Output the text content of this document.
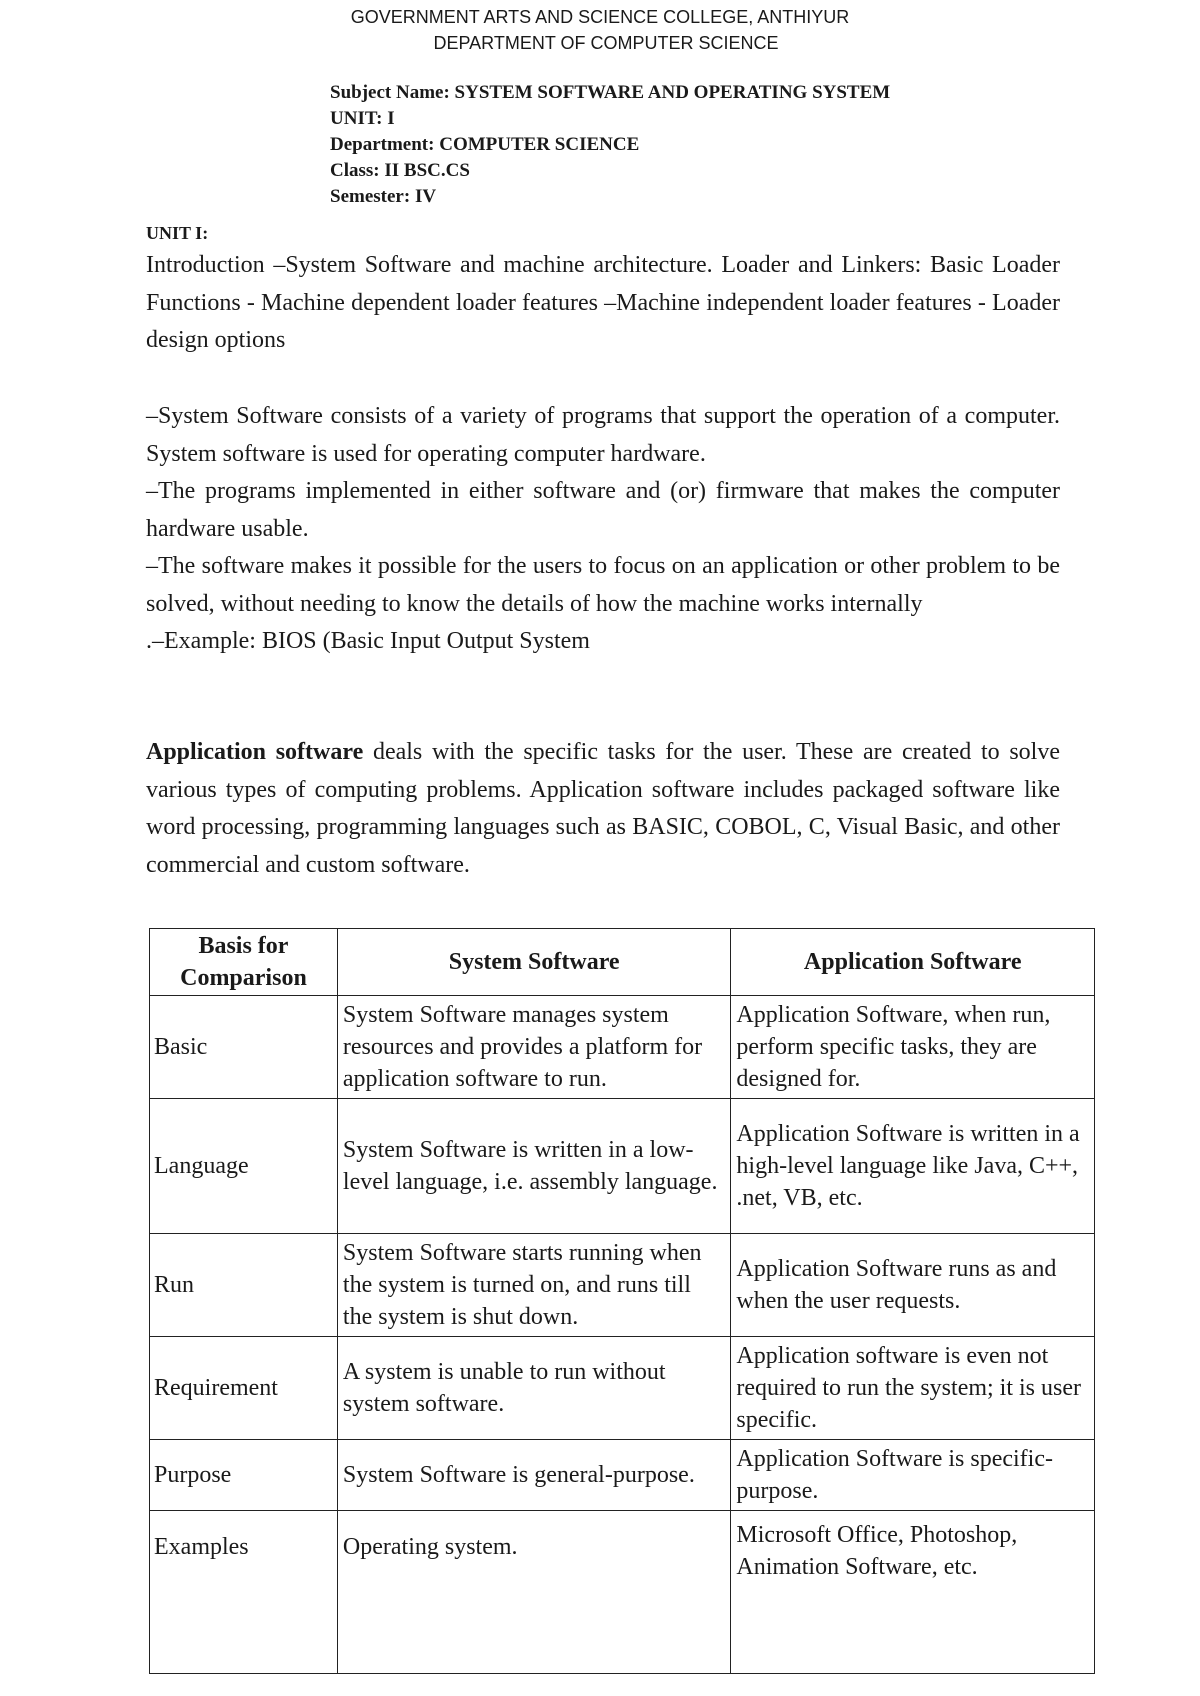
GOVERNMENT ARTS AND SCIENCE COLLEGE, ANTHIYUR
DEPARTMENT OF COMPUTER SCIENCE
Subject Name: SYSTEM SOFTWARE AND OPERATING SYSTEM
UNIT: I
Department: COMPUTER SCIENCE
Class: II BSC.CS
Semester: IV
UNIT I:

Introduction –System Software and machine architecture. Loader and Linkers: Basic Loader Functions - Machine dependent loader features –Machine independent loader features - Loader design options

–System Software consists of a variety of programs that support the operation of a computer. System software is used for operating computer hardware.

–The programs implemented in either software and (or) firmware that makes the computer hardware usable.

–The software makes it possible for the users to focus on an application or other problem to be solved, without needing to know the details of how the machine works internally

.–Example: BIOS (Basic Input Output System

Application software deals with the specific tasks for the user. These are created to solve various types of computing problems. Application software includes packaged software like word processing, programming languages such as BASIC, COBOL, C, Visual Basic, and other commercial and custom software.

Basis for Comparison	System Software	Application Software
Basic	System Software manages system resources and provides a platform for application software to run.	Application Software, when run, perform specific tasks, they are designed for.
Language	System Software is written in a low-level language, i.e. assembly language.	Application Software is written in a high-level language like Java, C++, .net, VB, etc.
Run	System Software starts running when the system is turned on, and runs till the system is shut down.	Application Software runs as and when the user requests.
Requirement	A system is unable to run without system software.	Application software is even not required to run the system; it is user specific.
Purpose	System Software is general-purpose.	Application Software is specific-purpose.
Examples	Operating system.	Microsoft Office, Photoshop, Animation Software, etc.
